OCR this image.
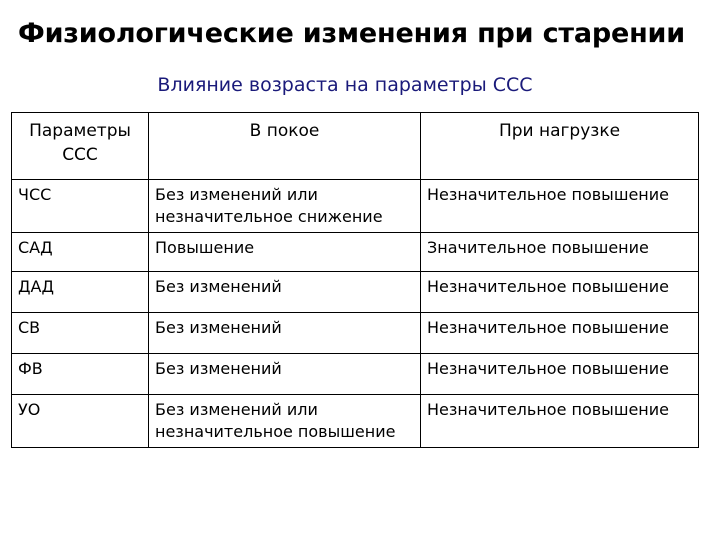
Физиологические изменения при старении
Влияние возраста на параметры ССС
Параметры ССС	В покое	При нагрузке
ЧСС	Без изменений или незначительное снижение	Незначительное повышение
САД	Повышение	Значительное повышение
ДАД	Без изменений	Незначительное повышение
СВ	Без изменений	Незначительное повышение
ФВ	Без изменений	Незначительное повышение
УО	Без изменений или незначительное повышение	Незначительное повышение
